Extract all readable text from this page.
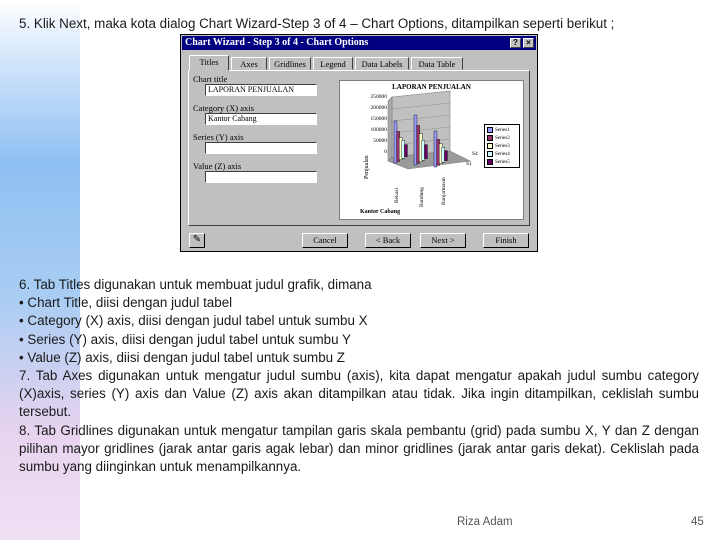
5. Klik Next, maka kota dialog Chart Wizard-Step 3 of 4 – Chart Options, ditampilkan seperti berikut ;
Chart Wizard - Step 3 of 4 - Chart Options	?	×
Titles	Axes	Gridlines	Legend	Data Labels	Data Table
Chart title
LAPORAN PENJUALAN
Category (X) axis
Kantor Cabang
Series (Y) axis
Value (Z) axis
LAPORAN PENJUALAN
250000
200000
150000
100000
50000
0
Penjualan
Bekasi	Bandung	Banjarmasin
Kantor Cabang
S4
S1
Series1
Series2
Series3
Series4
Series5
✎	Cancel	< Back	Next >	Finish

6. Tab Titles digunakan untuk membuat judul grafik, dimana

• Chart Title, diisi dengan judul tabel

• Category (X) axis, diisi dengan judul tabel untuk sumbu X

• Series (Y) axis, diisi dengan judul tabel untuk sumbu Y

• Value (Z) axis, diisi dengan judul tabel untuk sumbu Z

7. Tab Axes digunakan untuk mengatur judul sumbu (axis), kita dapat mengatur apakah judul sumbu category (X)axis, series (Y) axis dan Value (Z) axis akan ditampilkan atau tidak. Jika ingin ditampilkan, ceklislah sumbu tersebut.

8. Tab Gridlines digunakan untuk mengatur tampilan garis skala pembantu (grid) pada sumbu X, Y dan Z dengan pilihan mayor gridlines (jarak antar garis agak lebar) dan minor gridlines (jarak antar garis dekat). Ceklislah pada sumbu yang diinginkan untuk menampilkannya.

Riza Adam	45
